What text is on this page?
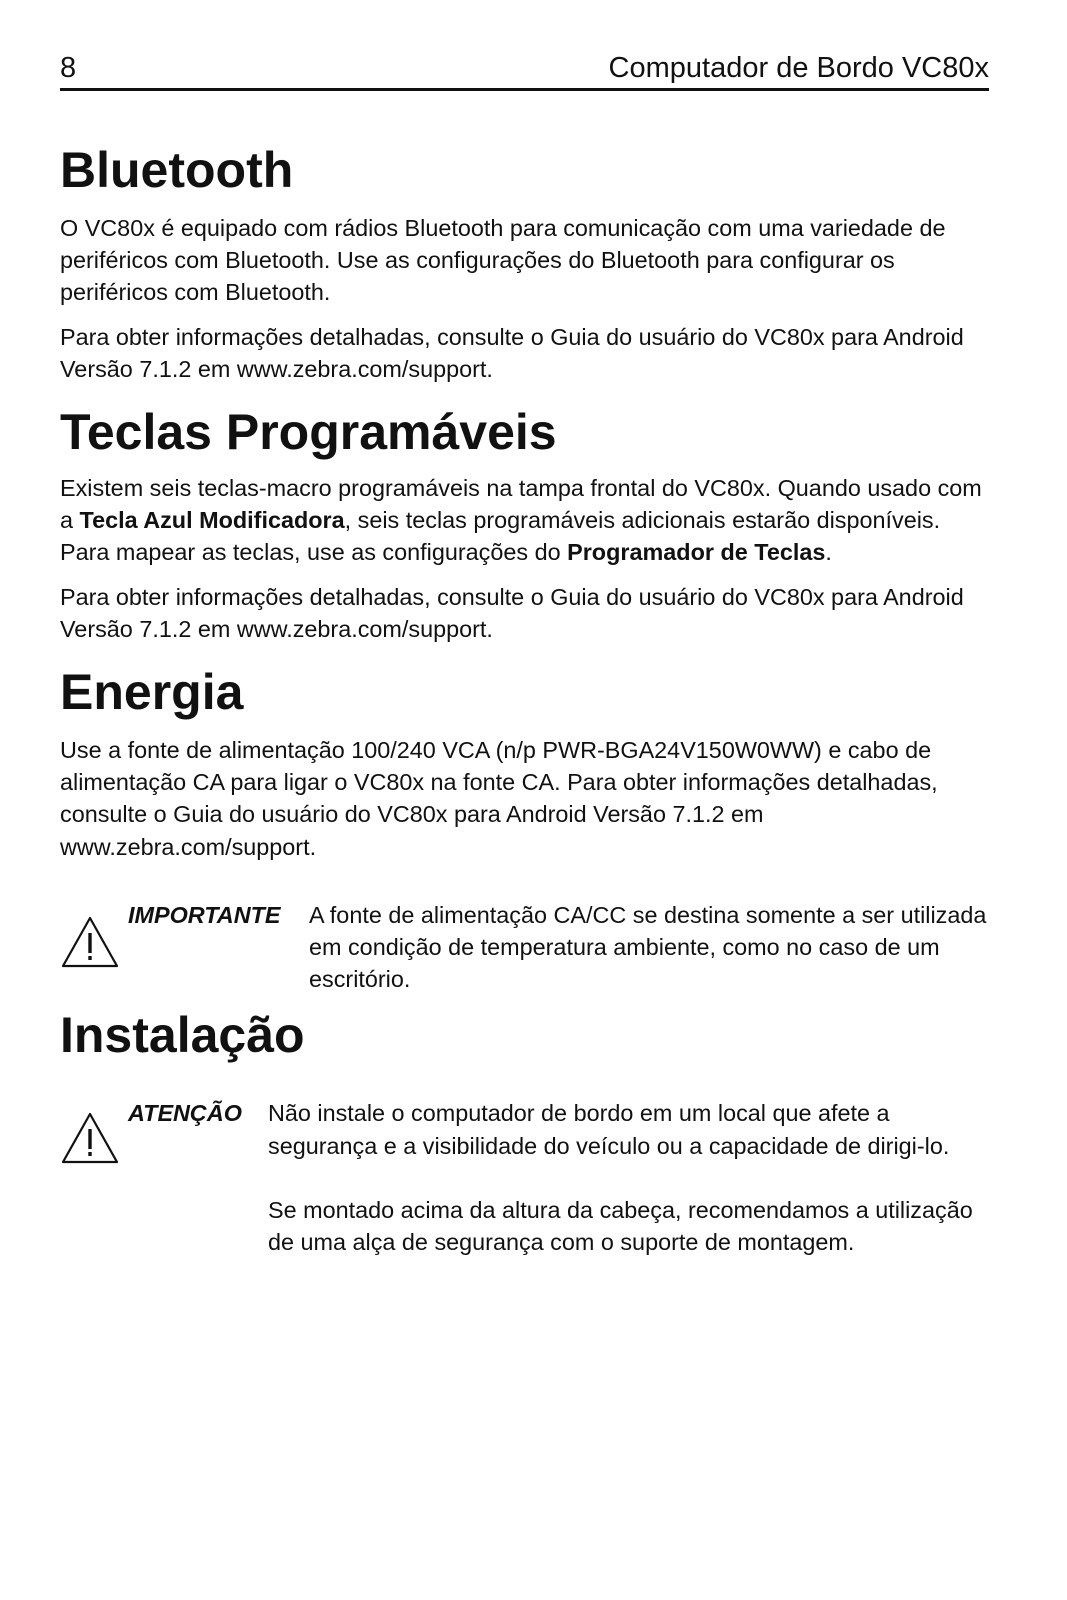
8	Computador de Bordo VC80x
Bluetooth

O VC80x é equipado com rádios Bluetooth para comunicação com uma variedade de periféricos com Bluetooth. Use as configurações do Bluetooth para configurar os periféricos com Bluetooth.

Para obter informações detalhadas, consulte o Guia do usuário do VC80x para Android Versão 7.1.2 em www.zebra.com/support.

Teclas Programáveis

Existem seis teclas-macro programáveis na tampa frontal do VC80x. Quando usado com a Tecla Azul Modificadora, seis teclas programáveis adicionais estarão disponíveis. Para mapear as teclas, use as configurações do Programador de Teclas.

Para obter informações detalhadas, consulte o Guia do usuário do VC80x para Android Versão 7.1.2 em www.zebra.com/support.

Energia

Use a fonte de alimentação 100/240 VCA (n/p PWR-BGA24V150W0WW) e cabo de alimentação CA para ligar o VC80x na fonte CA. Para obter informações detalhadas, consulte o Guia do usuário do VC80x para Android Versão 7.1.2 em www.zebra.com/support.

IMPORTANTE A fonte de alimentação CA/CC se destina somente a ser utilizada em condição de temperatura ambiente, como no caso de um escritório.

Instalação
ATENÇÃO Não instale o computador de bordo em um local que afete a segurança e a visibilidade do veículo ou a capacidade de dirigi-lo.

Se montado acima da altura da cabeça, recomendamos a utilização de uma alça de segurança com o suporte de montagem.
